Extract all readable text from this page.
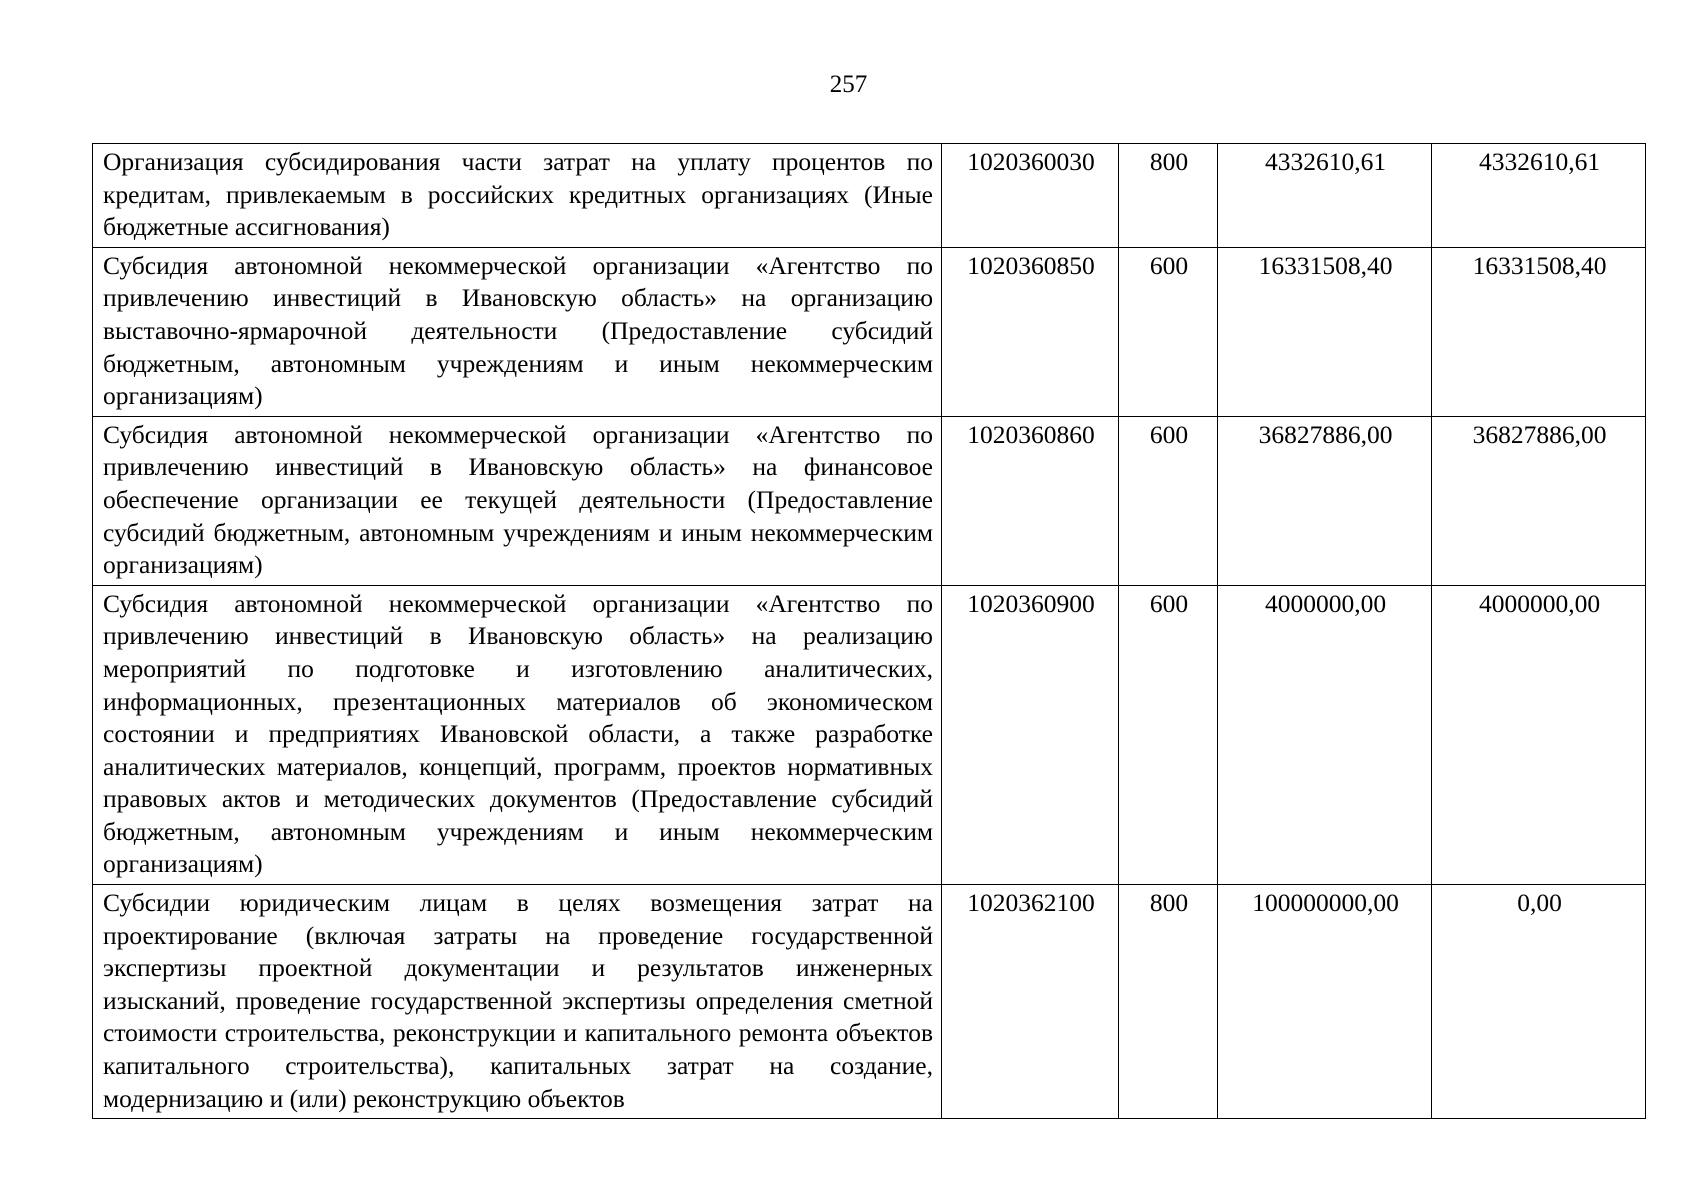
257
Организация субсидирования части затрат на уплату процентов по кредитам, привлекаемым в российских кредитных организациях (Иные бюджетные ассигнования)	1020360030	800	4332610,61	4332610,61
Субсидия автономной некоммерческой организации «Агентство по привлечению инвестиций в Ивановскую область» на организацию выставочно-ярмарочной деятельности (Предоставление субсидий бюджетным, автономным учреждениям и иным некоммерческим организациям)	1020360850	600	16331508,40	16331508,40
Субсидия автономной некоммерческой организации «Агентство по привлечению инвестиций в Ивановскую область» на финансовое обеспечение организации ее текущей деятельности (Предоставление субсидий бюджетным, автономным учреждениям и иным некоммерческим организациям)	1020360860	600	36827886,00	36827886,00
Субсидия автономной некоммерческой организации «Агентство по привлечению инвестиций в Ивановскую область» на реализацию мероприятий по подготовке и изготовлению аналитических, информационных, презентационных материалов об экономическом состоянии и предприятиях Ивановской области, а также разработке аналитических материалов, концепций, программ, проектов нормативных правовых актов и методических документов (Предоставление субсидий бюджетным, автономным учреждениям и иным некоммерческим организациям)	1020360900	600	4000000,00	4000000,00
Субсидии юридическим лицам в целях возмещения затрат на проектирование (включая затраты на проведение государственной экспертизы проектной документации и результатов инженерных изысканий, проведение государственной экспертизы определения сметной стоимости строительства, реконструкции и капитального ремонта объектов капитального строительства), капитальных затрат на создание, модернизацию и (или) реконструкцию объектов	1020362100	800	100000000,00	0,00
